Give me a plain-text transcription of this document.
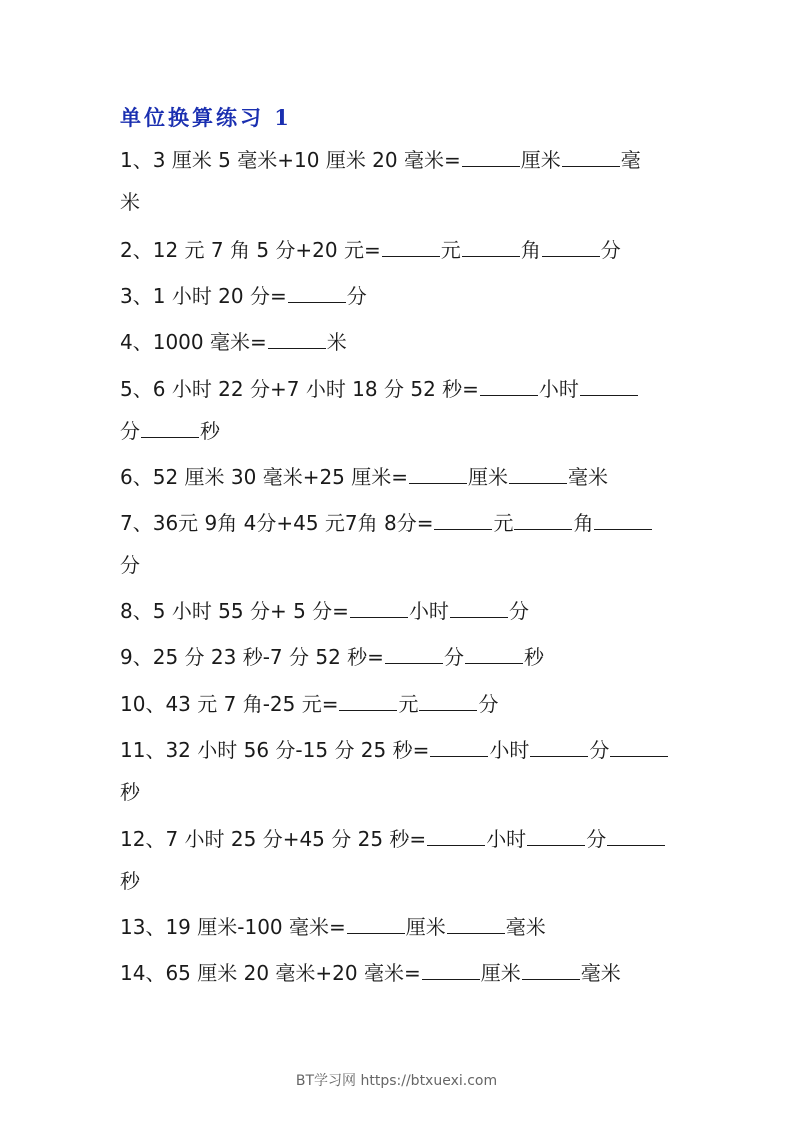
单位换算练习 1
1、3 厘米 5 毫米+10 厘米 20 毫米=	厘米	毫
米
2、12 元 7 角 5 分+20 元=	元	角	分
3、1 小时 20 分=	分
4、1000 毫米=	米
5、6 小时 22 分+7 小时 18 分 52 秒=	小时
分	秒
6、52 厘米 30 毫米+25 厘米=	厘米	毫米
7、36元 9角 4分+45 元7角 8分=	元	角
分
8、5 小时 55 分+ 5 分=	小时	分
9、25 分 23 秒-7 分 52 秒=	分	秒
10、43 元 7 角-25 元=	元	分
11、32 小时 56 分-15 分 25 秒=	小时	分
秒
12、7 小时 25 分+45 分 25 秒=	小时	分
秒
13、19 厘米-100 毫米=	厘米	毫米
14、65 厘米 20 毫米+20 毫米=	厘米	毫米
BT学习网 https://btxuexi.com
